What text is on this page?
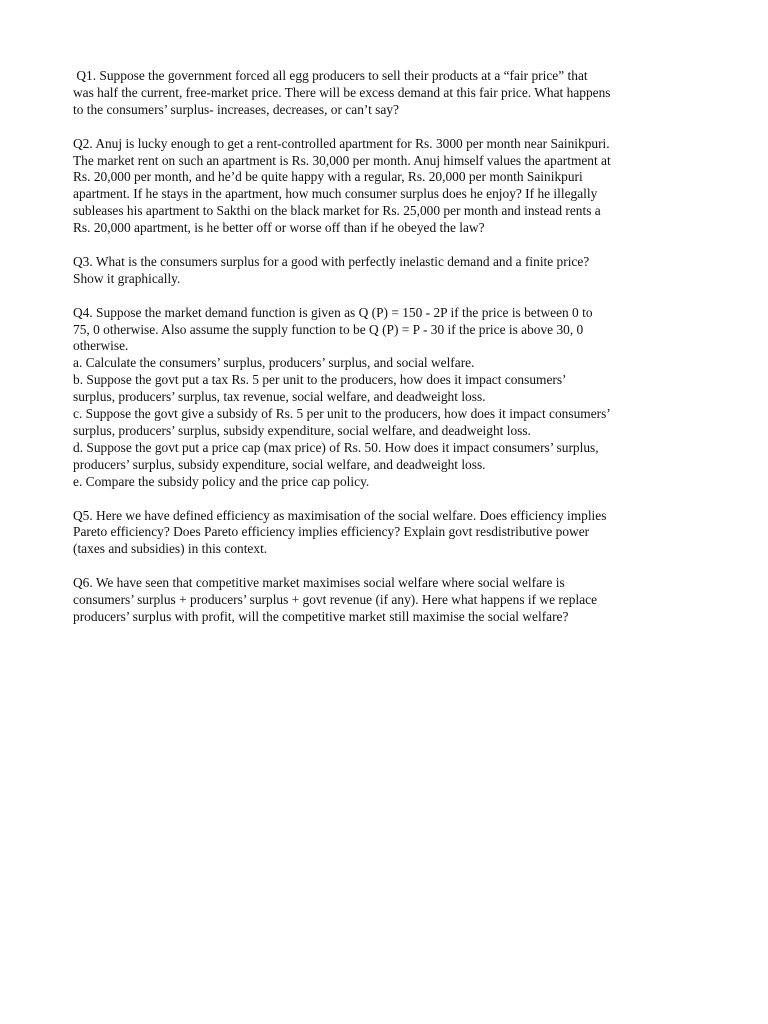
Q1. Suppose the government forced all egg producers to sell their products at a “fair price” that
was half the current, free-market price. There will be excess demand at this fair price. What happens
to the consumers’ surplus- increases, decreases, or can’t say?
Q2. Anuj is lucky enough to get a rent-controlled apartment for Rs. 3000 per month near Sainikpuri.
The market rent on such an apartment is Rs. 30,000 per month. Anuj himself values the apartment at
Rs. 20,000 per month, and he’d be quite happy with a regular, Rs. 20,000 per month Sainikpuri
apartment. If he stays in the apartment, how much consumer surplus does he enjoy? If he illegally
subleases his apartment to Sakthi on the black market for Rs. 25,000 per month and instead rents a
Rs. 20,000 apartment, is he better off or worse off than if he obeyed the law?
Q3. What is the consumers surplus for a good with perfectly inelastic demand and a finite price?
Show it graphically.
Q4. Suppose the market demand function is given as Q (P) = 150 - 2P if the price is between 0 to
75, 0 otherwise. Also assume the supply function to be Q (P) = P - 30 if the price is above 30, 0
otherwise.
a. Calculate the consumers’ surplus, producers’ surplus, and social welfare.
b. Suppose the govt put a tax Rs. 5 per unit to the producers, how does it impact consumers’
surplus, producers’ surplus, tax revenue, social welfare, and deadweight loss.
c. Suppose the govt give a subsidy of Rs. 5 per unit to the producers, how does it impact consumers’
surplus, producers’ surplus, subsidy expenditure, social welfare, and deadweight loss.
d. Suppose the govt put a price cap (max price) of Rs. 50. How does it impact consumers’ surplus,
producers’ surplus, subsidy expenditure, social welfare, and deadweight loss.
e. Compare the subsidy policy and the price cap policy.
Q5. Here we have defined efficiency as maximisation of the social welfare. Does efficiency implies
Pareto efficiency? Does Pareto efficiency implies efficiency? Explain govt resdistributive power
(taxes and subsidies) in this context.
Q6. We have seen that competitive market maximises social welfare where social welfare is
consumers’ surplus + producers’ surplus + govt revenue (if any). Here what happens if we replace
producers’ surplus with profit, will the competitive market still maximise the social welfare?
